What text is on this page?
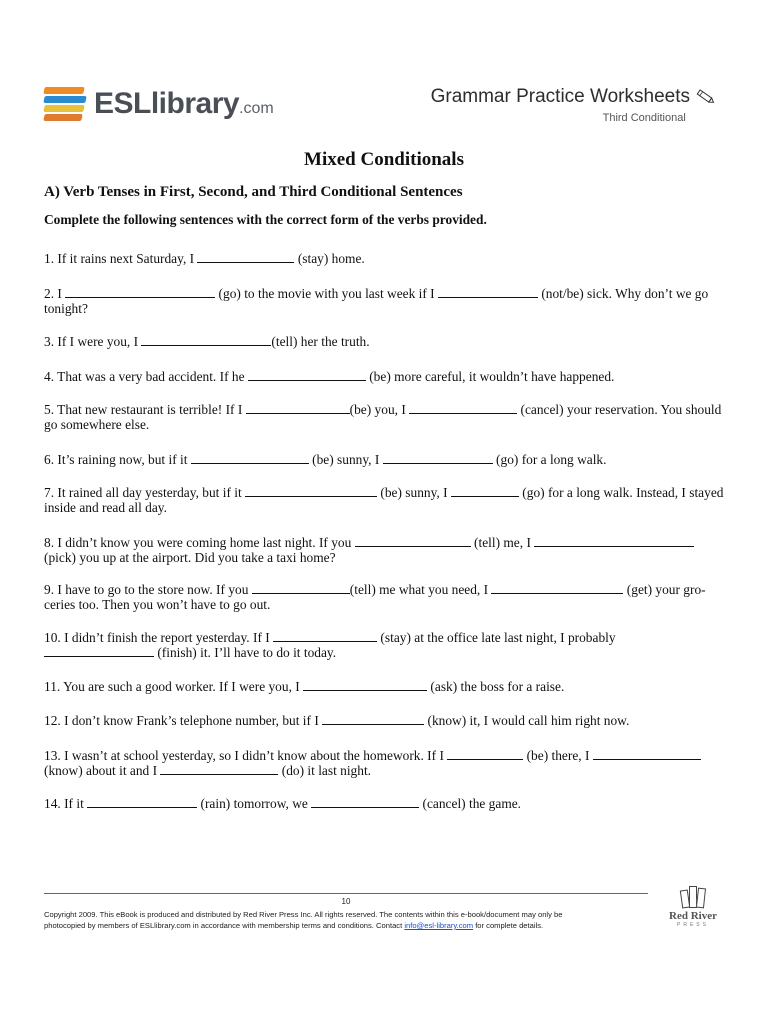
ESLlibrary.com
Grammar Practice Worksheets
Third Conditional
Mixed Conditionals
A) Verb Tenses in First, Second, and Third Conditional Sentences
Complete the following sentences with the correct form of the verbs provided.
1. If it rains next Saturday, I	(stay) home.
2. I	(go) to the movie with you last week if I	(not/be) sick. Why don’t we go tonight?
3. If I were you, I	(tell) her the truth.
4. That was a very bad accident. If he	(be) more careful, it wouldn’t have happened.
5. That new restaurant is terrible! If I	(be) you, I	(cancel) your reservation. You should go somewhere else.
6. It’s raining now, but if it	(be) sunny, I	(go) for a long walk.
7. It rained all day yesterday, but if it	(be) sunny, I	(go) for a long walk. Instead, I stayed inside and read all day.
8. I didn’t know you were coming home last night. If you	(tell) me, I  (pick) you up at the airport. Did you take a taxi home?
9. I have to go to the store now. If you	(tell) me what you need, I	(get) your gro-ceries too. Then you won’t have to go out.
10. I didn’t finish the report yesterday. If I	(stay) at the office late last night, I probably  (finish) it. I’ll have to do it today.
11. You are such a good worker. If I were you, I	(ask) the boss for a raise.
12. I don’t know Frank’s telephone number, but if I	(know) it, I would call him right now.
13. I wasn’t at school yesterday, so I didn’t know about the homework. If I	(be) there, I  (know) about it and I	(do) it last night.
14. If it	(rain) tomorrow, we	(cancel) the game.
10
Copyright 2009. This eBook is produced and distributed by Red River Press Inc. All rights reserved. The contents within this e-book/document may only be
photocopied by members of ESLlibrary.com in accordance with membership terms and conditions. Contact info@esl-library.com for complete details.
Red River
PRESS
